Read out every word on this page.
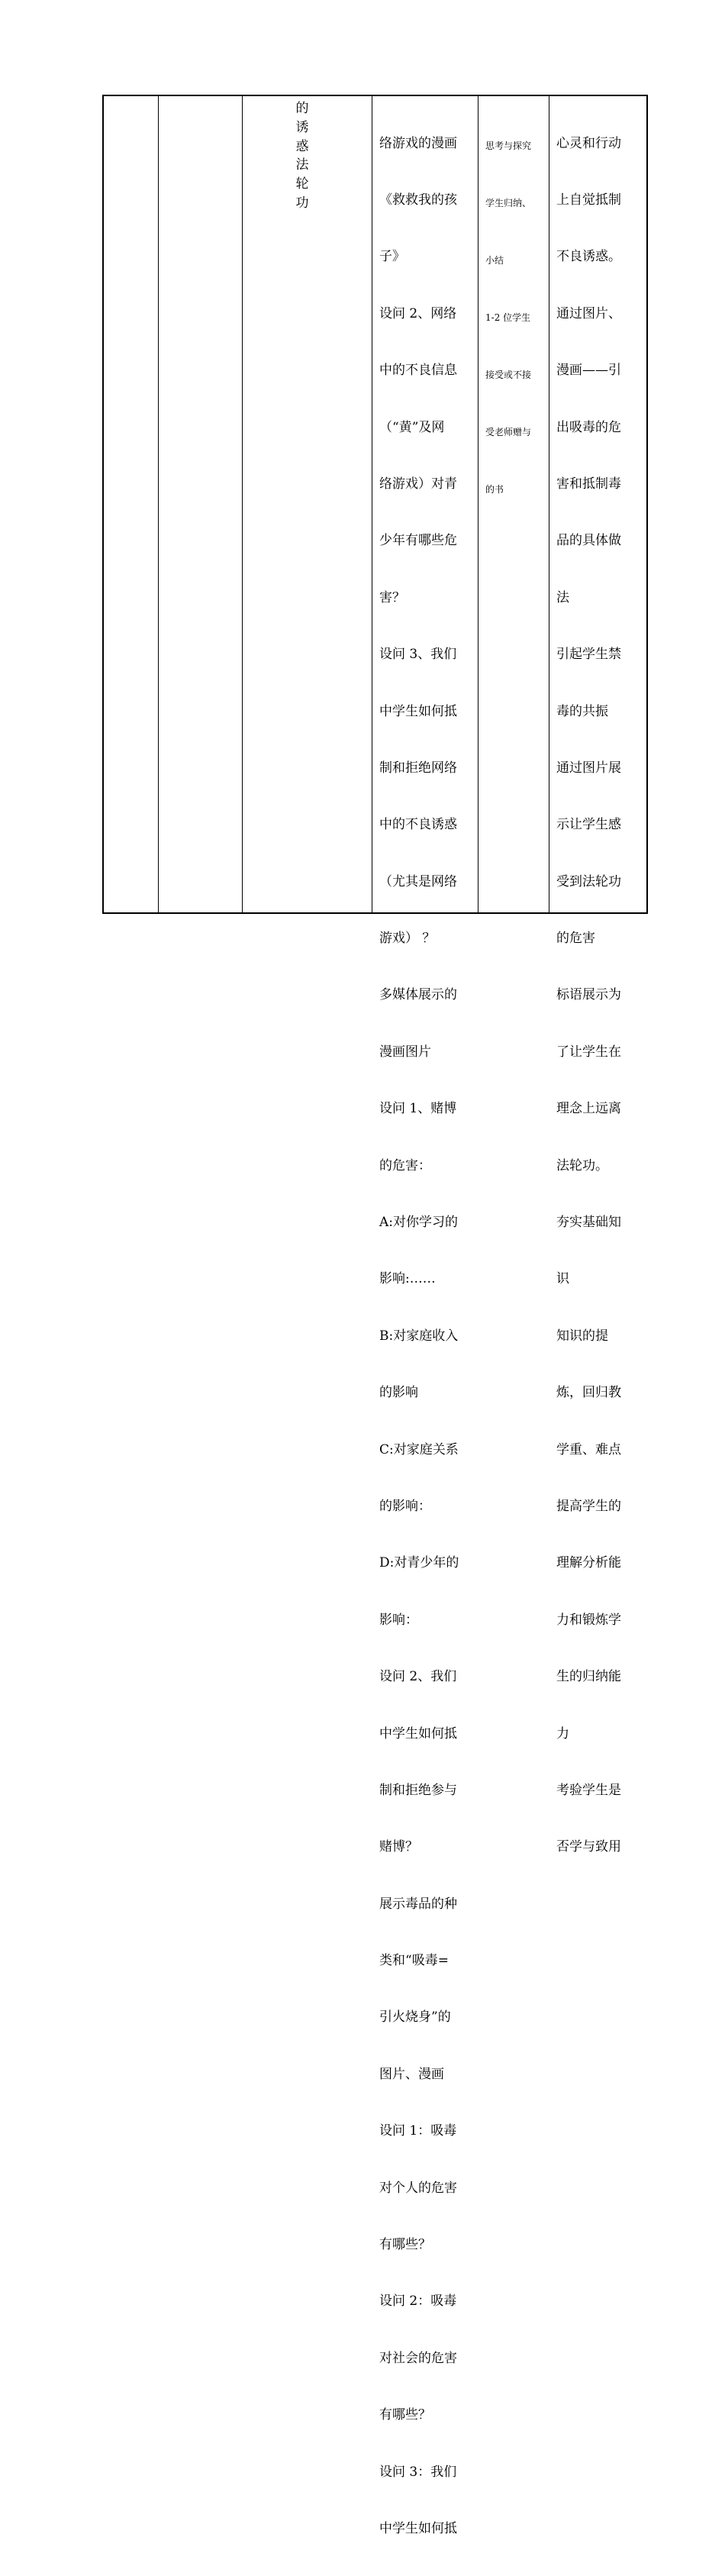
的
诱
惑
法
轮
功

络游戏的漫画

《救救我的孩

子》

设问 2、网络

中的不良信息

（“黄”及网

络游戏）对青

少年有哪些危

害？

设问 3、我们

中学生如何抵

制和拒绝网络

中的不良诱惑

（尤其是网络

游戏） ？

多媒体展示的

漫画图片

设问 1、赌博

的危害：

A:对你学习的

影响:……

B:对家庭收入

的影响

C:对家庭关系

的影响：

D:对青少年的

影响：

设问 2、我们

中学生如何抵

制和拒绝参与

赌博？

展示毒品的种

类和“吸毒=

引火烧身”的

图片、漫画

设问 1：吸毒

对个人的危害

有哪些？

设问 2：吸毒

对社会的危害

有哪些？

设问 3：我们

中学生如何抵

思考与探究

学生归纳、

小结

1-2 位学生

接受或不接

受老师赠与

的书

心灵和行动

上自觉抵制

不良诱惑。

通过图片、

漫画——引

出吸毒的危

害和抵制毒

品的具体做

法

引起学生禁

毒的共振

通过图片展

示让学生感

受到法轮功

的危害

标语展示为

了让学生在

理念上远离

法轮功。

夯实基础知

识

知识的提

炼，回归教

学重、难点

提高学生的

理解分析能

力和锻炼学

生的归纳能

力

考验学生是

否学与致用
